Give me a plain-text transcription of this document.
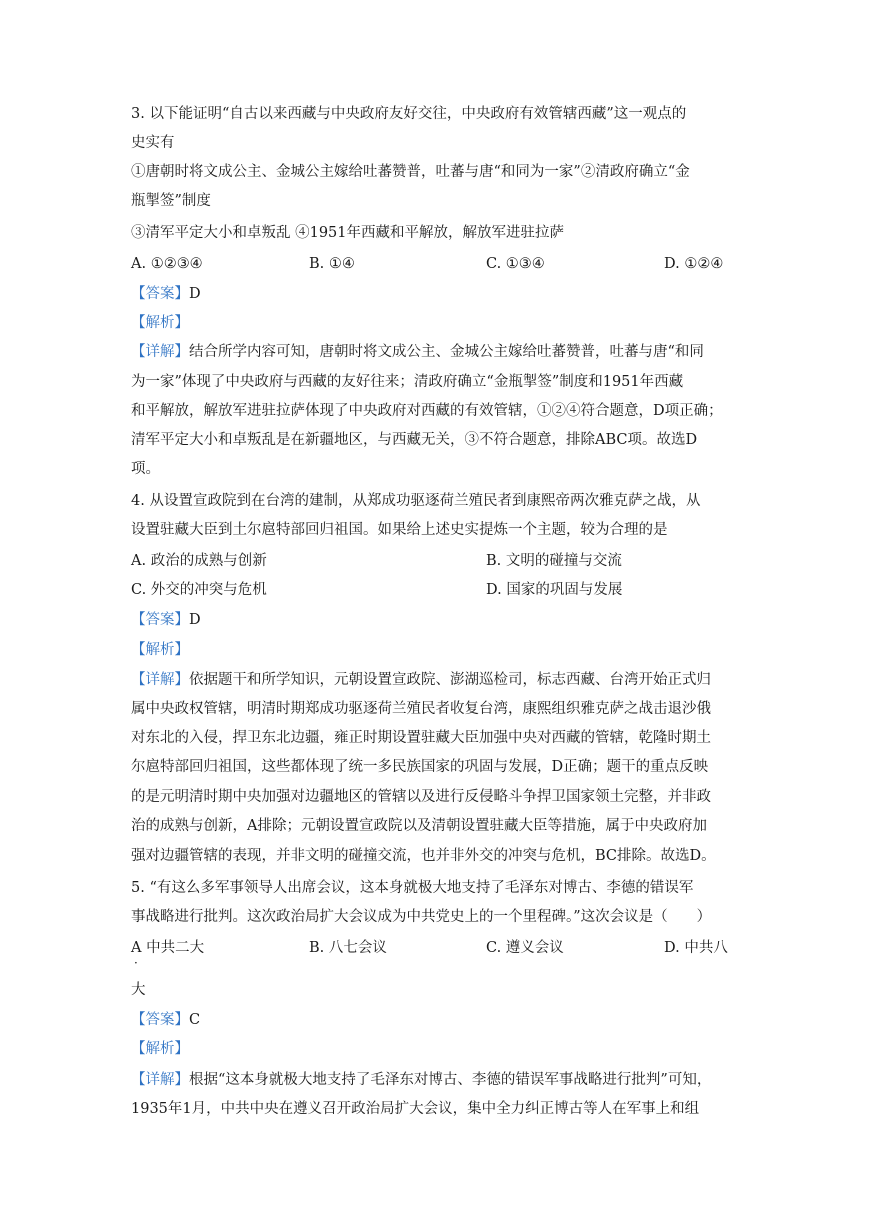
3. 以下能证明“自古以来西藏与中央政府友好交往，中央政府有效管辖西藏”这一观点的
史实有
①唐朝时将文成公主、金城公主嫁给吐蕃赞普，吐蕃与唐“和同为一家”②清政府确立“金
瓶掣签”制度
③清军平定大小和卓叛乱 ④1951年西藏和平解放，解放军进驻拉萨
A. ①②③④	B. ①④	C. ①③④	D. ①②④
【答案】D
【解析】
【详解】结合所学内容可知，唐朝时将文成公主、金城公主嫁给吐蕃赞普，吐蕃与唐“和同
为一家”体现了中央政府与西藏的友好往来；清政府确立“金瓶掣签”制度和1951年西藏
和平解放，解放军进驻拉萨体现了中央政府对西藏的有效管辖，①②④符合题意，D项正确；
清军平定大小和卓叛乱是在新疆地区，与西藏无关，③不符合题意，排除ABC项。故选D
项。
4. 从设置宣政院到在台湾的建制，从郑成功驱逐荷兰殖民者到康熙帝两次雅克萨之战，从
设置驻藏大臣到土尔扈特部回归祖国。如果给上述史实提炼一个主题，较为合理的是
A. 政治的成熟与创新	B. 文明的碰撞与交流
C. 外交的冲突与危机	D. 国家的巩固与发展
【答案】D
【解析】
【详解】依据题干和所学知识，元朝设置宣政院、澎湖巡检司，标志西藏、台湾开始正式归
属中央政权管辖，明清时期郑成功驱逐荷兰殖民者收复台湾，康熙组织雅克萨之战击退沙俄
对东北的入侵，捍卫东北边疆，雍正时期设置驻藏大臣加强中央对西藏的管辖，乾隆时期土
尔扈特部回归祖国，这些都体现了统一多民族国家的巩固与发展，D正确；题干的重点反映
的是元明清时期中央加强对边疆地区的管辖以及进行反侵略斗争捍卫国家领土完整，并非政
治的成熟与创新，A排除；元朝设置宣政院以及清朝设置驻藏大臣等措施，属于中央政府加
强对边疆管辖的表现，并非文明的碰撞交流，也并非外交的冲突与危机，BC排除。故选D。
5. “有这么多军事领导人出席会议，这本身就极大地支持了毛泽东对博古、李德的错误军
事战略进行批判。这次政治局扩大会议成为中共党史上的一个里程碑。”这次会议是（　　）
A 中共二大
·
B. 八七会议	C. 遵义会议	D. 中共八
大
【答案】C
【解析】
【详解】根据“这本身就极大地支持了毛泽东对博古、李德的错误军事战略进行批判”可知，
1935年1月，中共中央在遵义召开政治局扩大会议，集中全力纠正博古等人在军事上和组
